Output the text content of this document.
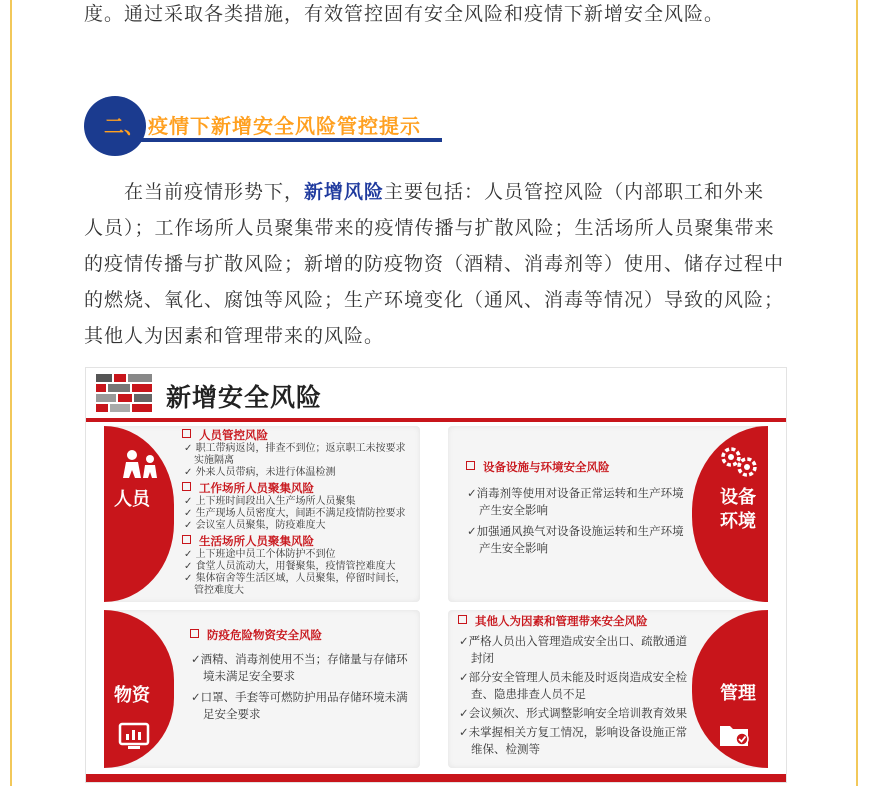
度。通过采取各类措施，有效管控固有安全风险和疫情下新增安全风险。

二、 疫情下新增安全风险管控提示

在当前疫情形势下，新增风险主要包括：人员管控风险（内部职工和外来人员）；工作场所人员聚集带来的疫情传播与扩散风险；生活场所人员聚集带来的疫情传播与扩散风险；新增的防疫物资（酒精、消毒剂等）使用、储存过程中的燃烧、氧化、腐蚀等风险；生产环境变化（通风、消毒等情况）导致的风险；其他人为因素和管理带来的风险。

新增安全风险
人员
人员管控风险
✓ 职工带病返岗，排查不到位；返京职工未按要求实施隔离
✓ 外来人员带病，未进行体温检测
工作场所人员聚集风险
✓ 上下班时间段出入生产场所人员聚集
✓ 生产现场人员密度大，间距不满足疫情防控要求
✓ 会议室人员聚集，防疫难度大
生活场所人员聚集风险
✓ 上下班途中员工个体防护不到位
✓ 食堂人员流动大，用餐聚集，疫情管控难度大
✓ 集体宿舍等生活区域，人员聚集，停留时间长，管控难度大
设备设施与环境安全风险
✓消毒剂等使用对设备正常运转和生产环境产生安全影响
✓加强通风换气对设备设施运转和生产环境产生安全影响
设备
环境
物资
防疫危险物资安全风险
✓酒精、消毒剂使用不当；存储量与存储环境未满足安全要求
✓口罩、手套等可燃防护用品存储环境未满足安全要求
其他人为因素和管理带来安全风险
✓严格人员出入管理造成安全出口、疏散通道封闭
✓部分安全管理人员未能及时返岗造成安全检查、隐患排查人员不足
✓会议频次、形式调整影响安全培训教育效果
✓未掌握相关方复工情况，影响设备设施正常维保、检测等
管理
